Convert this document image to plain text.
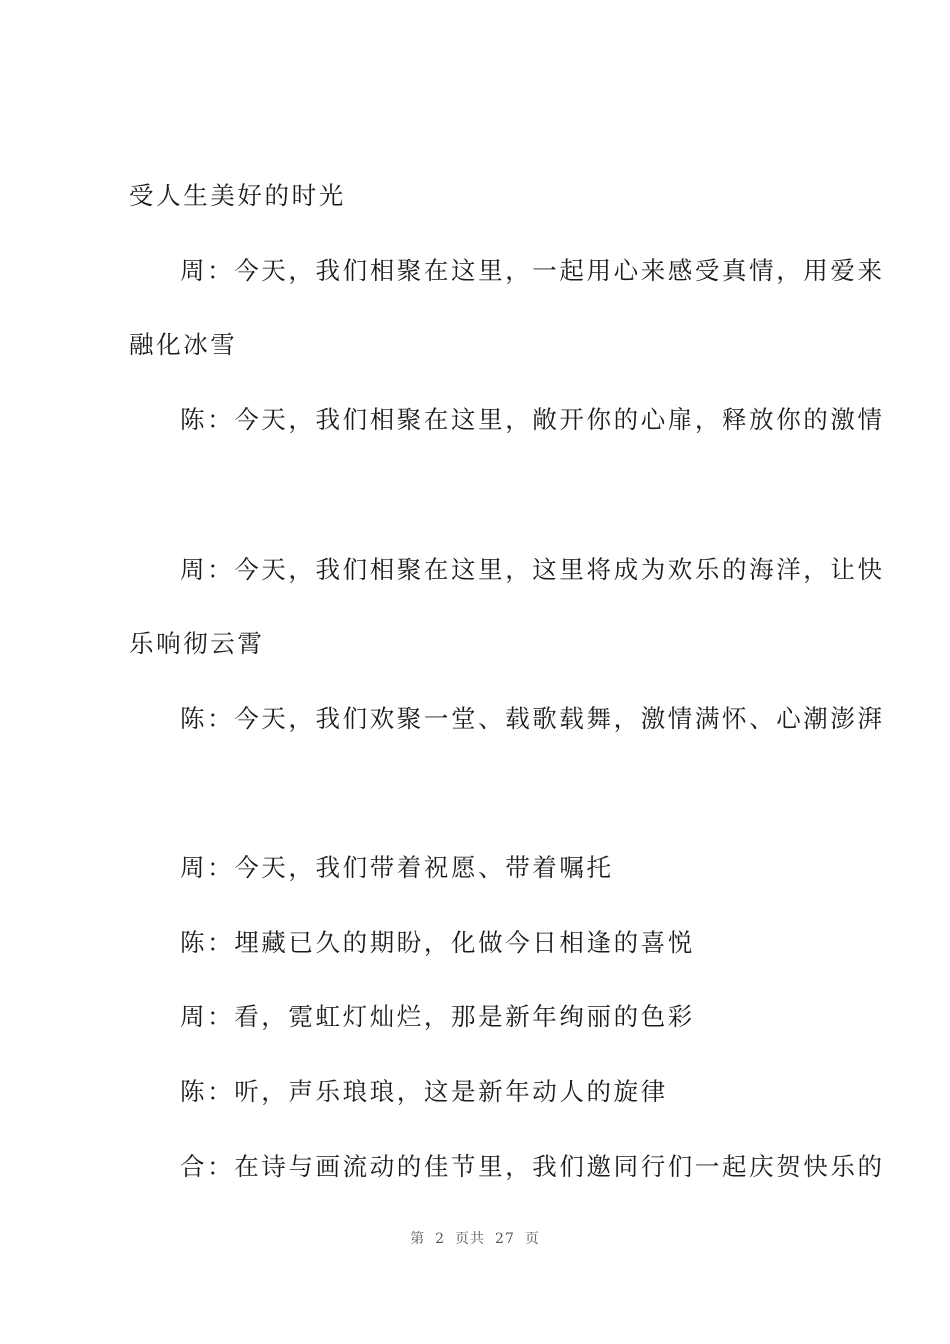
受人生美好的时光
周：今天，我们相聚在这里，一起用心来感受真情，用爱来
融化冰雪
陈：今天，我们相聚在这里，敞开你的心扉，释放你的激情
周：今天，我们相聚在这里，这里将成为欢乐的海洋，让快
乐响彻云霄
陈：今天，我们欢聚一堂、载歌载舞，激情满怀、心潮澎湃
周：今天，我们带着祝愿、带着嘱托
陈：埋藏已久的期盼，化做今日相逢的喜悦
周：看，霓虹灯灿烂，那是新年绚丽的色彩
陈：听，声乐琅琅，这是新年动人的旋律
合：在诗与画流动的佳节里，我们邀同行们一起庆贺快乐的
第 2 页共 27 页
